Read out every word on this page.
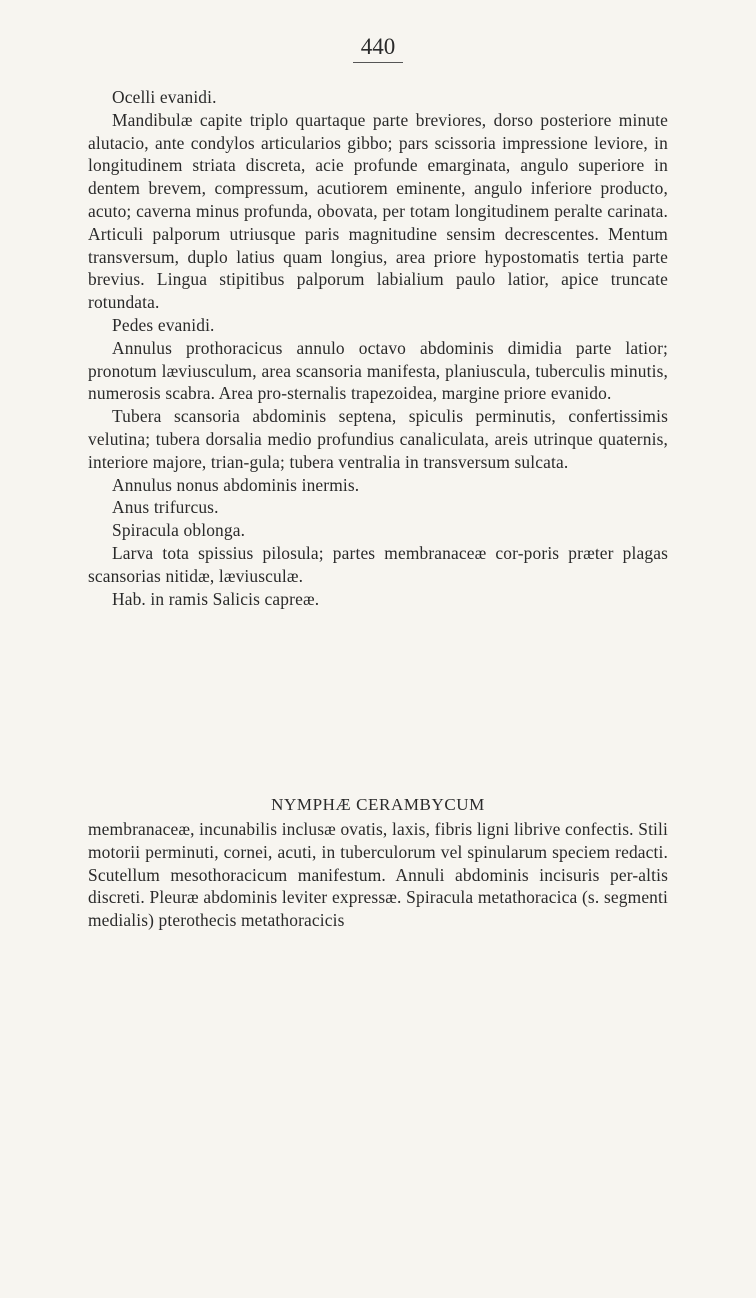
440

Ocelli evanidi.

Mandibulæ capite triplo quartaque parte breviores, dorso posteriore minute alutacio, ante condylos articularios gibbo; pars scissoria impressione leviore, in longitudinem striata discreta, acie profunde emarginata, angulo superiore in dentem brevem, compressum, acutiorem eminente, angulo inferiore producto, acuto; caverna minus profunda, obovata, per totam longitudinem peralte carinata. Articuli palporum utriusque paris magnitudine sensim decrescentes. Mentum transversum, duplo latius quam longius, area priore hypostomatis tertia parte brevius. Lingua stipitibus palporum labialium paulo latior, apice truncate rotundata.

Pedes evanidi.

Annulus prothoracicus annulo octavo abdominis dimidia parte latior; pronotum læviusculum, area scansoria manifesta, planiuscula, tuberculis minutis, numerosis scabra. Area pro-sternalis trapezoidea, margine priore evanido.

Tubera scansoria abdominis septena, spiculis perminutis, confertissimis velutina; tubera dorsalia medio profundius canaliculata, areis utrinque quaternis, interiore majore, trian-gula; tubera ventralia in transversum sulcata.

Annulus nonus abdominis inermis.

Anus trifurcus.

Spiracula oblonga.

Larva tota spissius pilosula; partes membranaceæ cor-poris præter plagas scansorias nitidæ, læviusculæ.

Hab. in ramis Salicis capreæ.

NYMPHÆ CERAMBYCUM

membranaceæ, incunabilis inclusæ ovatis, laxis, fibris ligni librive confectis. Stili motorii perminuti, cornei, acuti, in tuberculorum vel spinularum speciem redacti. Scutellum mesothoracicum manifestum. Annuli abdominis incisuris per-altis discreti. Pleuræ abdominis leviter expressæ. Spiracula metathoracica (s. segmenti medialis) pterothecis metathoracicis
